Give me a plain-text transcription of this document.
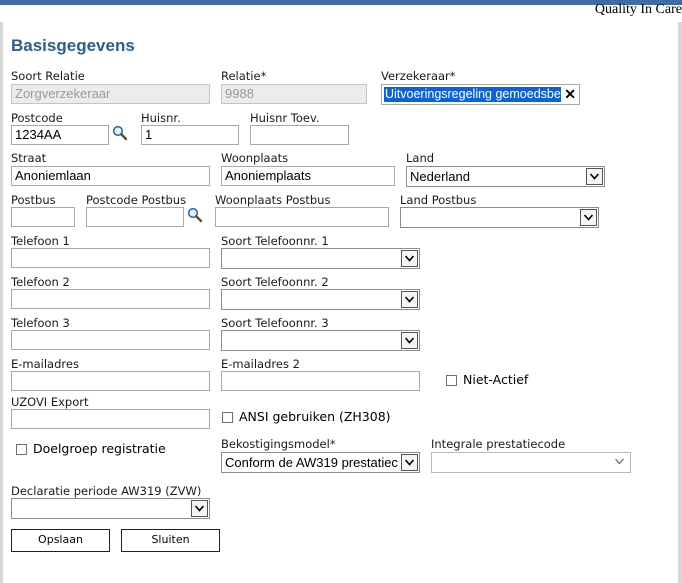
Quality In Care
Basisgegevens
Soort Relatie
Zorgverzekeraar
Relatie*
9988
Verzekeraar*
Uitvoeringsregeling gemoedsbe ✕
Postcode
1234AA
Huisnr.
1
Huisnr Toev.
Straat
Anoniemlaan
Woonplaats
Anoniemplaats
Land
Nederland
Postbus	Postcode Postbus	Woonplaats Postbus	Land Postbus
Telefoon 1	Soort Telefoonnr. 1
Telefoon 2	Soort Telefoonnr. 2
Telefoon 3	Soort Telefoonnr. 3
E-mailadres	E-mailadres 2
Niet-Actief
UZOVI Export
ANSI gebruiken (ZH308)
Doelgroep registratie	Bekostigingsmodel*
Conform de AW319 prestatiec
Integrale prestatiecode
Declaratie periode AW319 (ZVW)
Opslaan	Sluiten
